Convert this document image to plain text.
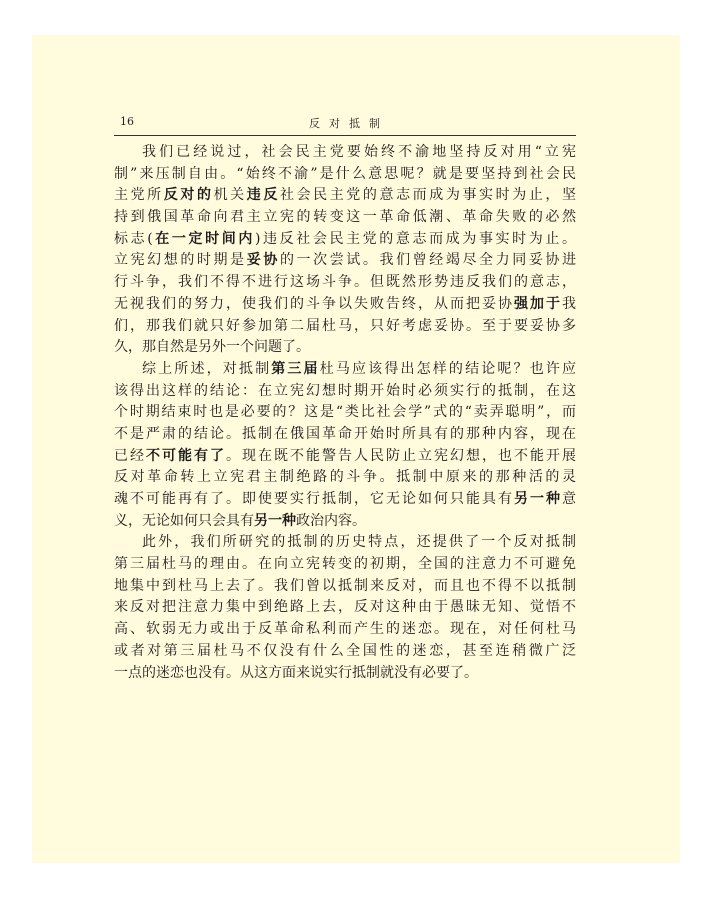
16	反对抵制
我们已经说过，社会民主党要始终不渝地坚持反对用“立宪
制”来压制自由。“始终不渝”是什么意思呢？就是要坚持到社会民
主党所反对的机关违反社会民主党的意志而成为事实时为止，坚
持到俄国革命向君主立宪的转变这一革命低潮、革命失败的必然
标志(在一定时间内)违反社会民主党的意志而成为事实时为止。
立宪幻想的时期是妥协的一次尝试。我们曾经竭尽全力同妥协进
行斗争，我们不得不进行这场斗争。但既然形势违反我们的意志，
无视我们的努力，使我们的斗争以失败告终，从而把妥协强加于我
们，那我们就只好参加第二届杜马，只好考虑妥协。至于要妥协多
久，那自然是另外一个问题了。
综上所述，对抵制第三届杜马应该得出怎样的结论呢？也许应
该得出这样的结论：在立宪幻想时期开始时必须实行的抵制，在这
个时期结束时也是必要的？这是“类比社会学”式的“卖弄聪明”，而
不是严肃的结论。抵制在俄国革命开始时所具有的那种内容，现在
已经不可能有了。现在既不能警告人民防止立宪幻想，也不能开展
反对革命转上立宪君主制绝路的斗争。抵制中原来的那种活的灵
魂不可能再有了。即使要实行抵制，它无论如何只能具有另一种意
义，无论如何只会具有另一种政治内容。
此外，我们所研究的抵制的历史特点，还提供了一个反对抵制
第三届杜马的理由。在向立宪转变的初期，全国的注意力不可避免
地集中到杜马上去了。我们曾以抵制来反对，而且也不得不以抵制
来反对把注意力集中到绝路上去，反对这种由于愚昧无知、觉悟不
高、软弱无力或出于反革命私利而产生的迷恋。现在，对任何杜马
或者对第三届杜马不仅没有什么全国性的迷恋，甚至连稍微广泛
一点的迷恋也没有。从这方面来说实行抵制就没有必要了。
